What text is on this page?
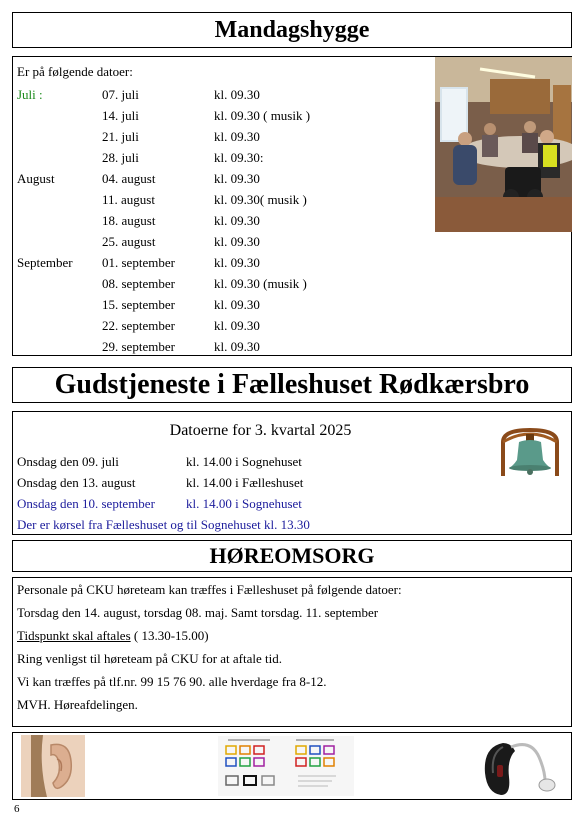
Mandagshygge
Er på følgende datoer:
Juli :	07. juli	kl. 09.30
14. juli	kl. 09.30 ( musik )
21. juli	kl. 09.30
28. juli	kl. 09.30:
August	04. august	kl. 09.30
11. august	kl. 09.30( musik )
18. august	kl. 09.30
25. august	kl. 09.30
September 01. september	kl. 09.30
08. september	kl. 09.30 (musik )
15. september	kl. 09.30
22. september	kl. 09.30
29. september	kl. 09.30
Gudstjeneste i Fælleshuset Rødkærsbro
Datoerne for 3. kvartal 2025
Onsdag den 09. juli	kl. 14.00 i Sognehuset
Onsdag den 13. august	kl. 14.00 i Fælleshuset
Onsdag den 10. september kl. 14.00 i Sognehuset
Der er kørsel fra Fælleshuset og til Sognehuset kl. 13.30
HØREOMSORG
Personale på CKU høreteam kan træffes i Fælleshuset på følgende datoer:
Torsdag den 14. august, torsdag 08. maj. Samt torsdag. 11. september
Tidspunkt skal aftales ( 13.30-15.00)
Ring venligst til høreteam på CKU for at aftale tid.
Vi kan træffes på tlf.nr. 99 15 76 90. alle hverdage fra 8-12.
MVH. Høreafdelingen.
6
